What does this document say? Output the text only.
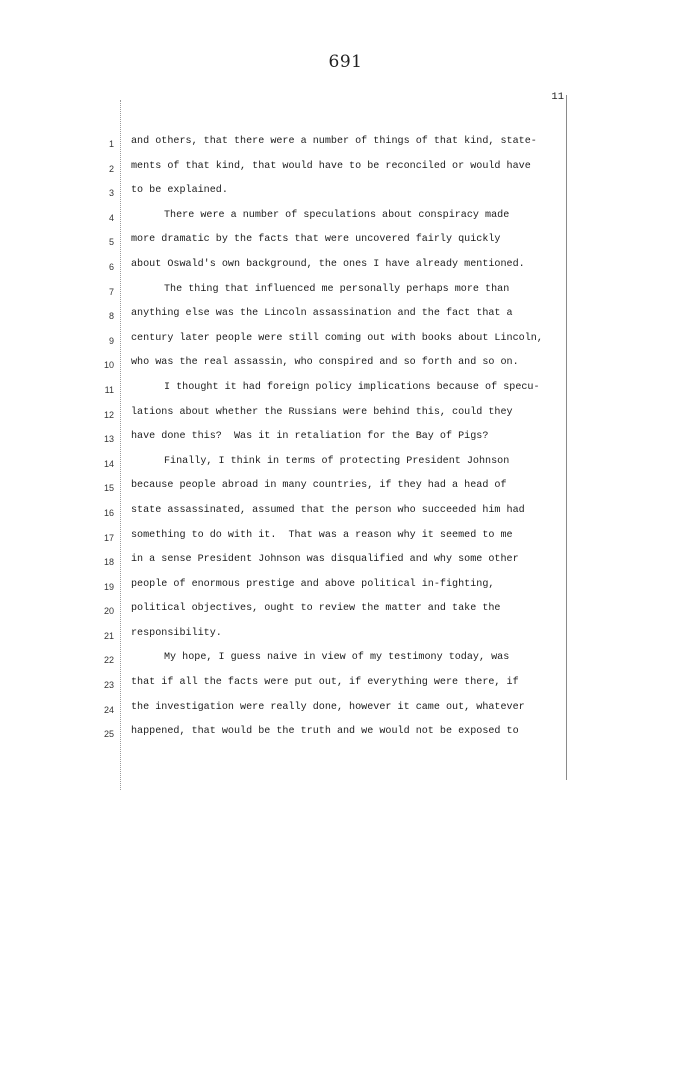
691
11
1 and others, that there were a number of things of that kind, state-
2 ments of that kind, that would have to be reconciled or would have
3 to be explained.
4	There were a number of speculations about conspiracy made
5 more dramatic by the facts that were uncovered fairly quickly
6 about Oswald's own background, the ones I have already mentioned.
7	The thing that influenced me personally perhaps more than
8 anything else was the Lincoln assassination and the fact that a
9 century later people were still coming out with books about Lincoln,
10 who was the real assassin, who conspired and so forth and so on.
11	I thought it had foreign policy implications because of specu-
12 lations about whether the Russians were behind this, could they
13 have done this?  Was it in retaliation for the Bay of Pigs?
14	Finally, I think in terms of protecting President Johnson
15 because people abroad in many countries, if they had a head of
16 state assassinated, assumed that the person who succeeded him had
17 something to do with it.  That was a reason why it seemed to me
18 in a sense President Johnson was disqualified and why some other
19 people of enormous prestige and above political in-fighting,
20 political objectives, ought to review the matter and take the
21 responsibility.
22	My hope, I guess naive in view of my testimony today, was
23 that if all the facts were put out, if everything were there, if
24 the investigation were really done, however it came out, whatever
25 happened, that would be the truth and we would not be exposed to
